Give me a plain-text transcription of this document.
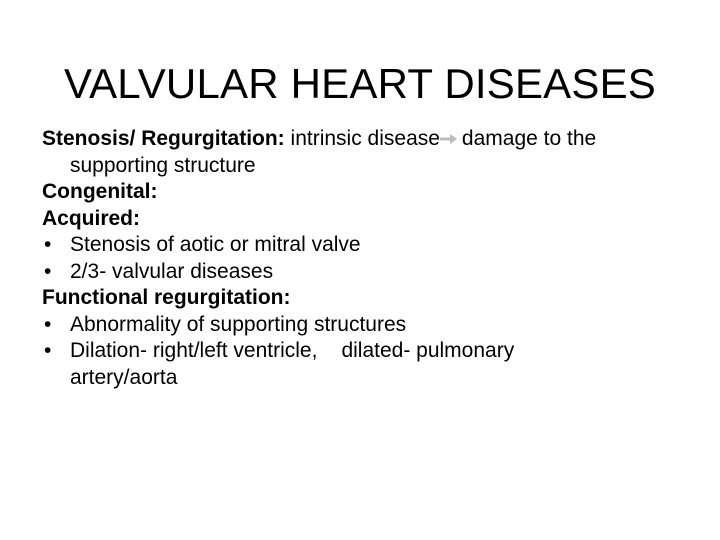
VALVULAR HEART DISEASES
Stenosis/ Regurgitation: intrinsic disease damage to the
supporting structure
Congenital:
Acquired:
• Stenosis of aotic or mitral valve
• 2/3- valvular diseases
Functional regurgitation:
• Abnormality of supporting structures
• Dilation- right/left ventricle, dilated- pulmonary
artery/aorta
